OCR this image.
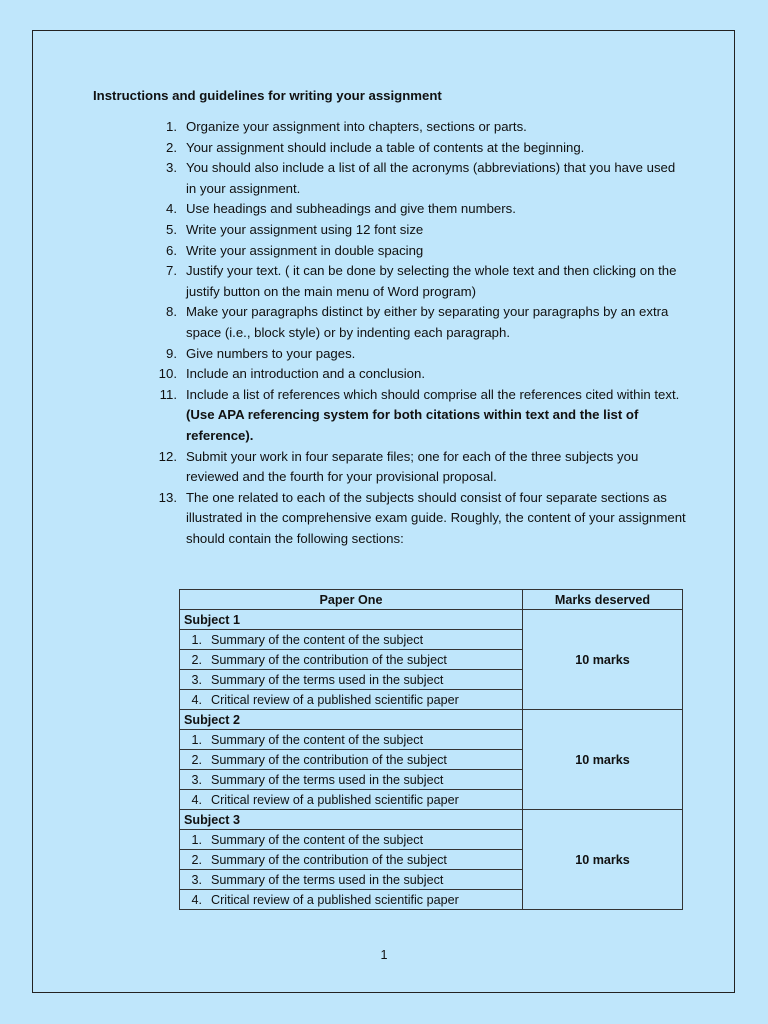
Instructions and guidelines for writing your assignment
1. Organize your assignment into chapters, sections or parts.
2. Your assignment should include a table of contents at the beginning.
3. You should also include a list of all the acronyms (abbreviations) that you have used in your assignment.
4. Use headings and subheadings and give them numbers.
5. Write your assignment using 12 font size
6. Write your assignment in double spacing
7. Justify your text. ( it can be done by selecting the whole text and then clicking on the justify button on the main menu of Word program)
8. Make your paragraphs distinct by either by separating your paragraphs by an extra space (i.e., block style) or by indenting each paragraph.
9. Give numbers to your pages.
10. Include an introduction and a conclusion.
11. Include a list of references which should comprise all the references cited within text. (Use APA referencing system for both citations within text and the list of reference).
12. Submit your work in four separate files; one for each of the three subjects you reviewed and the fourth for your provisional proposal.
13. The one related to each of the subjects should consist of four separate sections as illustrated in the comprehensive exam guide. Roughly, the content of your assignment should contain the following sections:
Paper One	Marks deserved
Subject 1	10 marks
1. Summary of the content of the subject	
2. Summary of the contribution of the subject	
3. Summary of the terms used in the subject	
4. Critical review of a published scientific paper	
Subject 2	10 marks
1. Summary of the content of the subject	
2. Summary of the contribution of the subject	
3. Summary of the terms used in the subject	
4. Critical review of a published scientific paper	
Subject 3	10 marks
1. Summary of the content of the subject	
2. Summary of the contribution of the subject	
3. Summary of the terms used in the subject	
4. Critical review of a published scientific paper	
1
